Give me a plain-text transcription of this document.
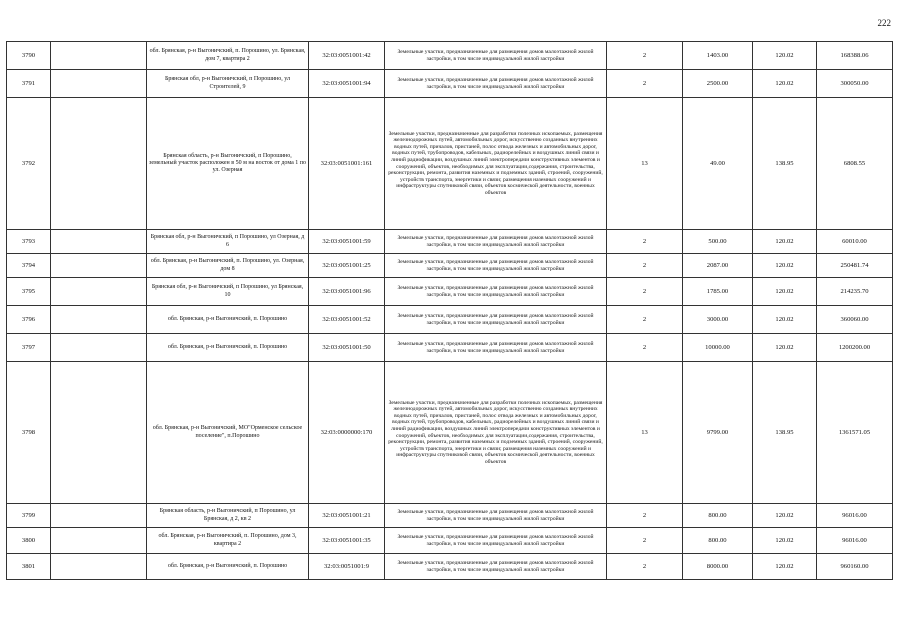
222
3790		обл. Брянская, р-н Выгоничский, п. Порошино, ул. Брянская, дом 7, квартира 2	32:03:0051001:42	Земельные участки, предназначенные для размещения домов малоэтажной жилой застройки, в том числе индивидуальной жилой застройки	2	1403.00	120.02	168388.06
3791		Брянская обл, р-н Выгоничский, п Порошино, ул Строителей, 9	32:03:0051001:94	Земельные участки, предназначенные для размещения домов малоэтажной жилой застройки, в том числе индивидуальной жилой застройки	2	2500.00	120.02	300050.00
3792		Брянская область, р-н Выгоничский, п Порошино, земельный участок расположен в 50 м на восток от дома 1 по ул. Озерная	32:03:0051001:161	Земельные участки, предназначенные для разработки полезных ископаемых, размещения железнодорожных путей, автомобильных дорог, искусственно созданных внутренних водных путей, причалов, пристаней, полос отвода железных и автомобильных дорог, водных путей, трубопроводов, кабельных, радиорелейных и воздушных линий связи и линий радиофикации, воздушных линий электропередачи конструктивных элементов и сооружений, объектов, необходимых для эксплуатации,содержания, строительства, реконструкции, ремонта, развития наземных и подземных зданий, строений, сооружений, устройств транспорта, энергетики и связи; размещения наземных сооружений и инфраструктуры спутниковой связи, объектов космической деятельности, военных объектов	13	49.00	138.95	6808.55
3793		Брянская обл, р-н Выгоничский, п Порошино, ул Озерная, д 6	32:03:0051001:59	Земельные участки, предназначенные для размещения домов малоэтажной жилой застройки, в том числе индивидуальной жилой застройки	2	500.00	120.02	60010.00
3794		обл. Брянская, р-н Выгоничский, п. Порошино, ул. Озерная, дом 8	32:03:0051001:25	Земельные участки, предназначенные для размещения домов малоэтажной жилой застройки, в том числе индивидуальной жилой застройки	2	2087.00	120.02	250481.74
3795		Брянская обл, р-н Выгоничский, п Порошино, ул Брянская, 10	32:03:0051001:96	Земельные участки, предназначенные для размещения домов малоэтажной жилой застройки, в том числе индивидуальной жилой застройки	2	1785.00	120.02	214235.70
3796		обл. Брянская, р-н Выгоничский, п. Порошино	32:03:0051001:52	Земельные участки, предназначенные для размещения домов малоэтажной жилой застройки, в том числе индивидуальной жилой застройки	2	3000.00	120.02	360060.00
3797		обл. Брянская, р-н Выгоничский, п. Порошино	32:03:0051001:50	Земельные участки, предназначенные для размещения домов малоэтажной жилой застройки, в том числе индивидуальной жилой застройки	2	10000.00	120.02	1200200.00
3798		обл. Брянская, р-н Выгоничский, МО"Орменское сельское поселение", п.Порошино	32:03:0000000:170	Земельные участки, предназначенные для разработки полезных ископаемых, размещения железнодорожных путей, автомобильных дорог, искусственно созданных внутренних водных путей, причалов, пристаней, полос отвода железных и автомобильных дорог, водных путей, трубопроводов, кабельных, радиорелейных и воздушных линий связи и линий радиофикации, воздушных линий электропередачи конструктивных элементов и сооружений, объектов, необходимых для эксплуатации,содержания, строительства, реконструкции, ремонта, развития наземных и подземных зданий, строений, сооружений, устройств транспорта, энергетики и связи; размещения наземных сооружений и инфраструктуры спутниковой связи, объектов космической деятельности, военных объектов	13	9799.00	138.95	1361571.05
3799		Брянская область, р-н Выгоничский, п Порошино, ул Брянская, д 2, кв 2	32:03:0051001:21	Земельные участки, предназначенные для размещения домов малоэтажной жилой застройки, в том числе индивидуальной жилой застройки	2	800.00	120.02	96016.00
3800		обл. Брянская, р-н Выгоничский, п. Порошино, дом 3, квартира 2	32:03:0051001:35	Земельные участки, предназначенные для размещения домов малоэтажной жилой застройки, в том числе индивидуальной жилой застройки	2	800.00	120.02	96016.00
3801		обл. Брянская, р-н Выгоничский, п. Порошино	32:03:0051001:9	Земельные участки, предназначенные для размещения домов малоэтажной жилой застройки, в том числе индивидуальной жилой застройки	2	8000.00	120.02	960160.00
